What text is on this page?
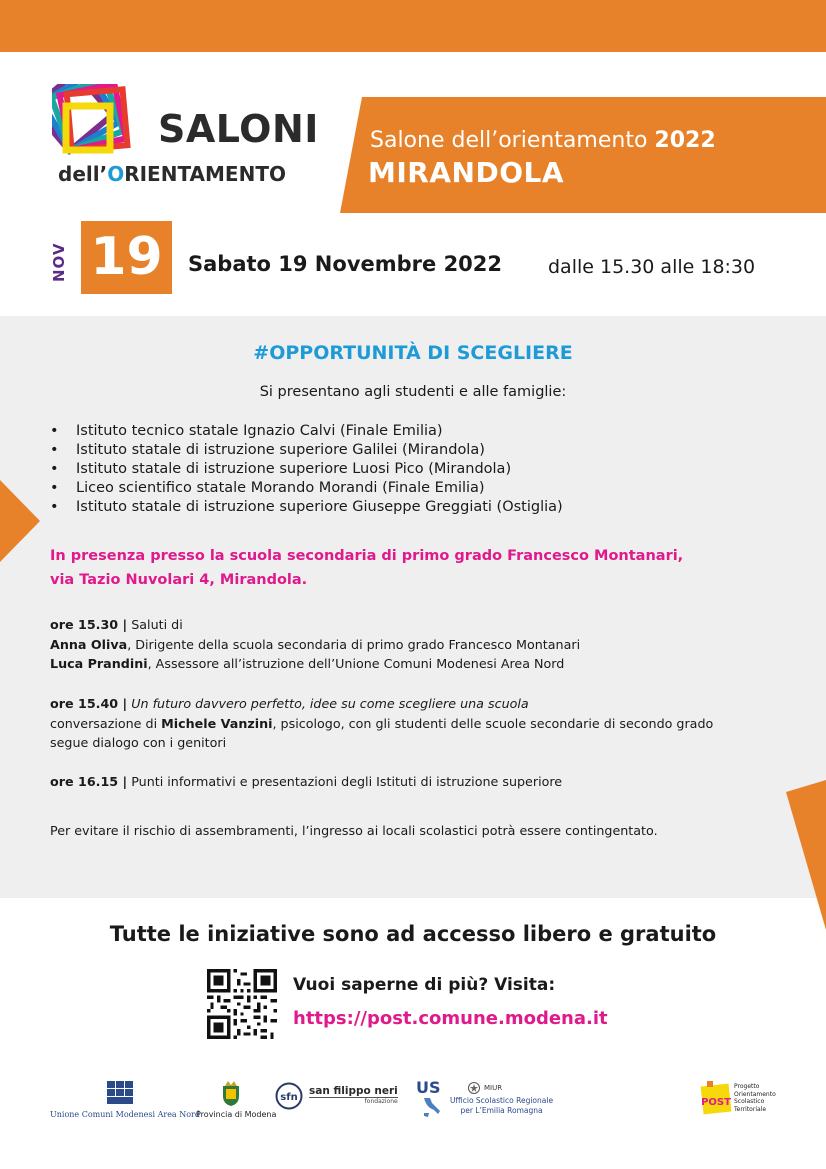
SALONI
dell’ORIENTAMENTO
Salone dell’orientamento 2022
MIRANDOLA
NOV 19	Sabato 19 Novembre 2022 dalle 15.30 alle 18:30
#OPPORTUNITÀ DI SCEGLIERE
Si presentano agli studenti e alle famiglie:
• Istituto tecnico statale Ignazio Calvi (Finale Emilia)
• Istituto statale di istruzione superiore Galilei (Mirandola)
• Istituto statale di istruzione superiore Luosi Pico (Mirandola)
• Liceo scientifico statale Morando Morandi (Finale Emilia)
• Istituto statale di istruzione superiore Giuseppe Greggiati (Ostiglia)
In presenza presso la scuola secondaria di primo grado Francesco Montanari,
via Tazio Nuvolari 4, Mirandola.
ore 15.30 | Saluti di
Anna Oliva, Dirigente della scuola secondaria di primo grado Francesco Montanari
Luca Prandini, Assessore all’istruzione dell’Unione Comuni Modenesi Area Nord
ore 15.40 | Un futuro davvero perfetto, idee su come scegliere una scuola
conversazione di Michele Vanzini, psicologo, con gli studenti delle scuole secondarie di secondo grado
segue dialogo con i genitori
ore 16.15 | Punti informativi e presentazioni degli Istituti di istruzione superiore
Per evitare il rischio di assembramenti, l’ingresso ai locali scolastici potrà essere contingentato.
Tutte le iniziative sono ad accesso libero e gratuito
Vuoi saperne di più? Visita:
https://post.comune.modena.it
Unione Comuni Modenesi Area Nord
Provincia di Modena
sfn
san filippo neri
fondazione
US	MIUR
Ufficio Scolastico Regionale
per L’Emilia Romagna
POST
Progetto
Orientamento
Scolastico
Territoriale
